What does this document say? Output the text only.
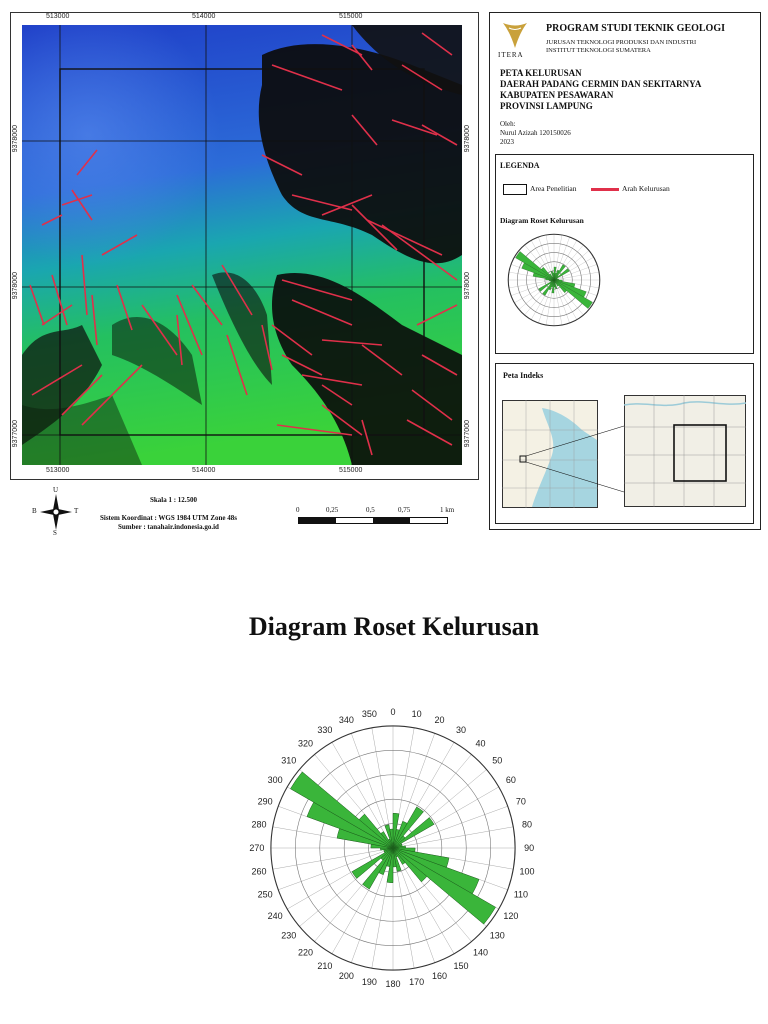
513000	514000	515000
513000	514000	515000
9378000
9378000
9377000
9378000
9378000
9377000
U
S
T
B
Skala 1 : 12.500
Sistem Koordinat : WGS 1984 UTM Zone 48s
Sumber : tanahair.indonesia.go.id
0	0,25	0,5	0,75	1 km
ITERA
PROGRAM STUDI TEKNIK GEOLOGI
JURUSAN TEKNOLOGI PRODUKSI DAN INDUSTRI
INSTITUT TEKNOLOGI SUMATERA
PETA KELURUSAN
DAERAH PADANG CERMIN DAN SEKITARNYA
KABUPATEN PESAWARAN
PROVINSI LAMPUNG
Oleh:
Nurul Azizah 120150026
2023
LEGENDA
Area Penelitian	Arah Kelurusan
Diagram Roset Kelurusan
Peta Indeks
Diagram Roset Kelurusan
0 10
20
30
40
50
60
70
80
90
100
110
120
130
140
150
160
170
180
190
200
210
220
230
240
250
260
270
280
290
300
310
320
330
340
350
